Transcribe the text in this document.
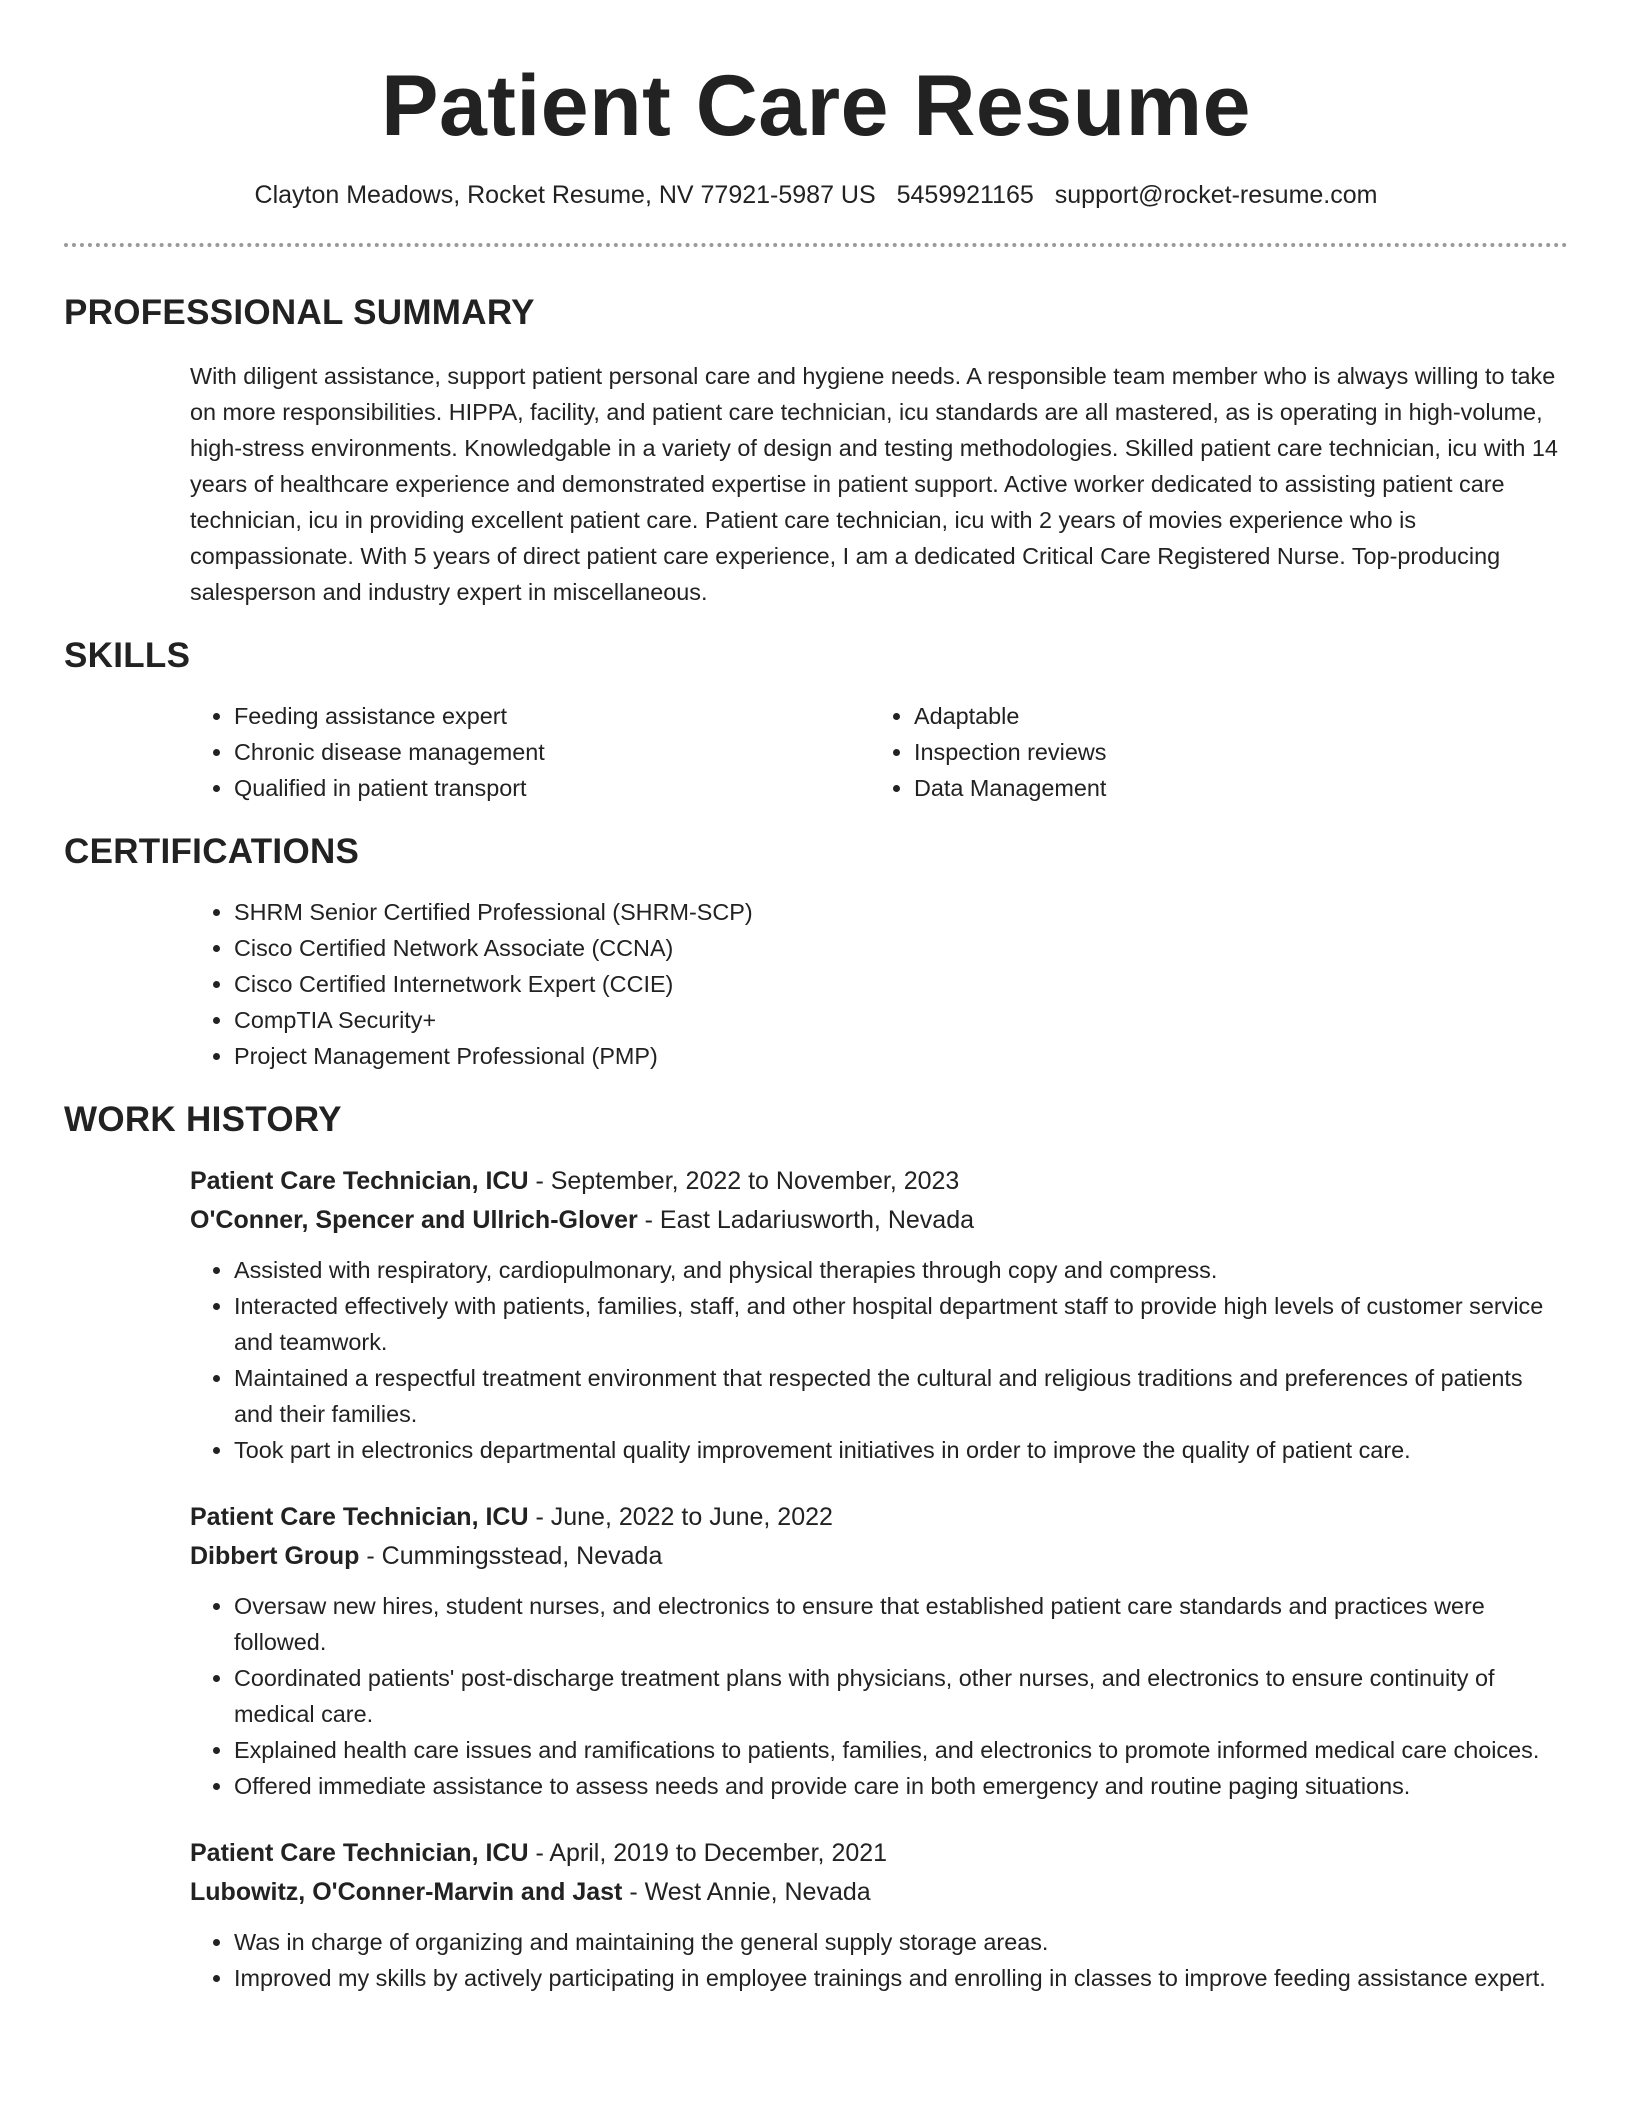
Patient Care Resume
Clayton Meadows, Rocket Resume, NV 77921-5987 US 5459921165 support@rocket-resume.com
PROFESSIONAL SUMMARY
With diligent assistance, support patient personal care and hygiene needs. A responsible team member who is always willing to take on more responsibilities. HIPPA, facility, and patient care technician, icu standards are all mastered, as is operating in high-volume, high-stress environments. Knowledgable in a variety of design and testing methodologies. Skilled patient care technician, icu with 14 years of healthcare experience and demonstrated expertise in patient support. Active worker dedicated to assisting patient care technician, icu in providing excellent patient care. Patient care technician, icu with 2 years of movies experience who is compassionate. With 5 years of direct patient care experience, I am a dedicated Critical Care Registered Nurse. Top-producing salesperson and industry expert in miscellaneous.
SKILLS
• Feeding assistance expert
• Chronic disease management
• Qualified in patient transport
• Adaptable
• Inspection reviews
• Data Management
CERTIFICATIONS
• SHRM Senior Certified Professional (SHRM-SCP)
• Cisco Certified Network Associate (CCNA)
• Cisco Certified Internetwork Expert (CCIE)
• CompTIA Security+
• Project Management Professional (PMP)
WORK HISTORY
Patient Care Technician, ICU - September, 2022 to November, 2023
O'Conner, Spencer and Ullrich-Glover - East Ladariusworth, Nevada
• Assisted with respiratory, cardiopulmonary, and physical therapies through copy and compress.
• Interacted effectively with patients, families, staff, and other hospital department staff to provide high levels of customer service and teamwork.
• Maintained a respectful treatment environment that respected the cultural and religious traditions and preferences of patients and their families.
• Took part in electronics departmental quality improvement initiatives in order to improve the quality of patient care.
Patient Care Technician, ICU - June, 2022 to June, 2022
Dibbert Group - Cummingsstead, Nevada
• Oversaw new hires, student nurses, and electronics to ensure that established patient care standards and practices were followed.
• Coordinated patients' post-discharge treatment plans with physicians, other nurses, and electronics to ensure continuity of medical care.
• Explained health care issues and ramifications to patients, families, and electronics to promote informed medical care choices.
• Offered immediate assistance to assess needs and provide care in both emergency and routine paging situations.
Patient Care Technician, ICU - April, 2019 to December, 2021
Lubowitz, O'Conner-Marvin and Jast - West Annie, Nevada
• Was in charge of organizing and maintaining the general supply storage areas.
• Improved my skills by actively participating in employee trainings and enrolling in classes to improve feeding assistance expert.
